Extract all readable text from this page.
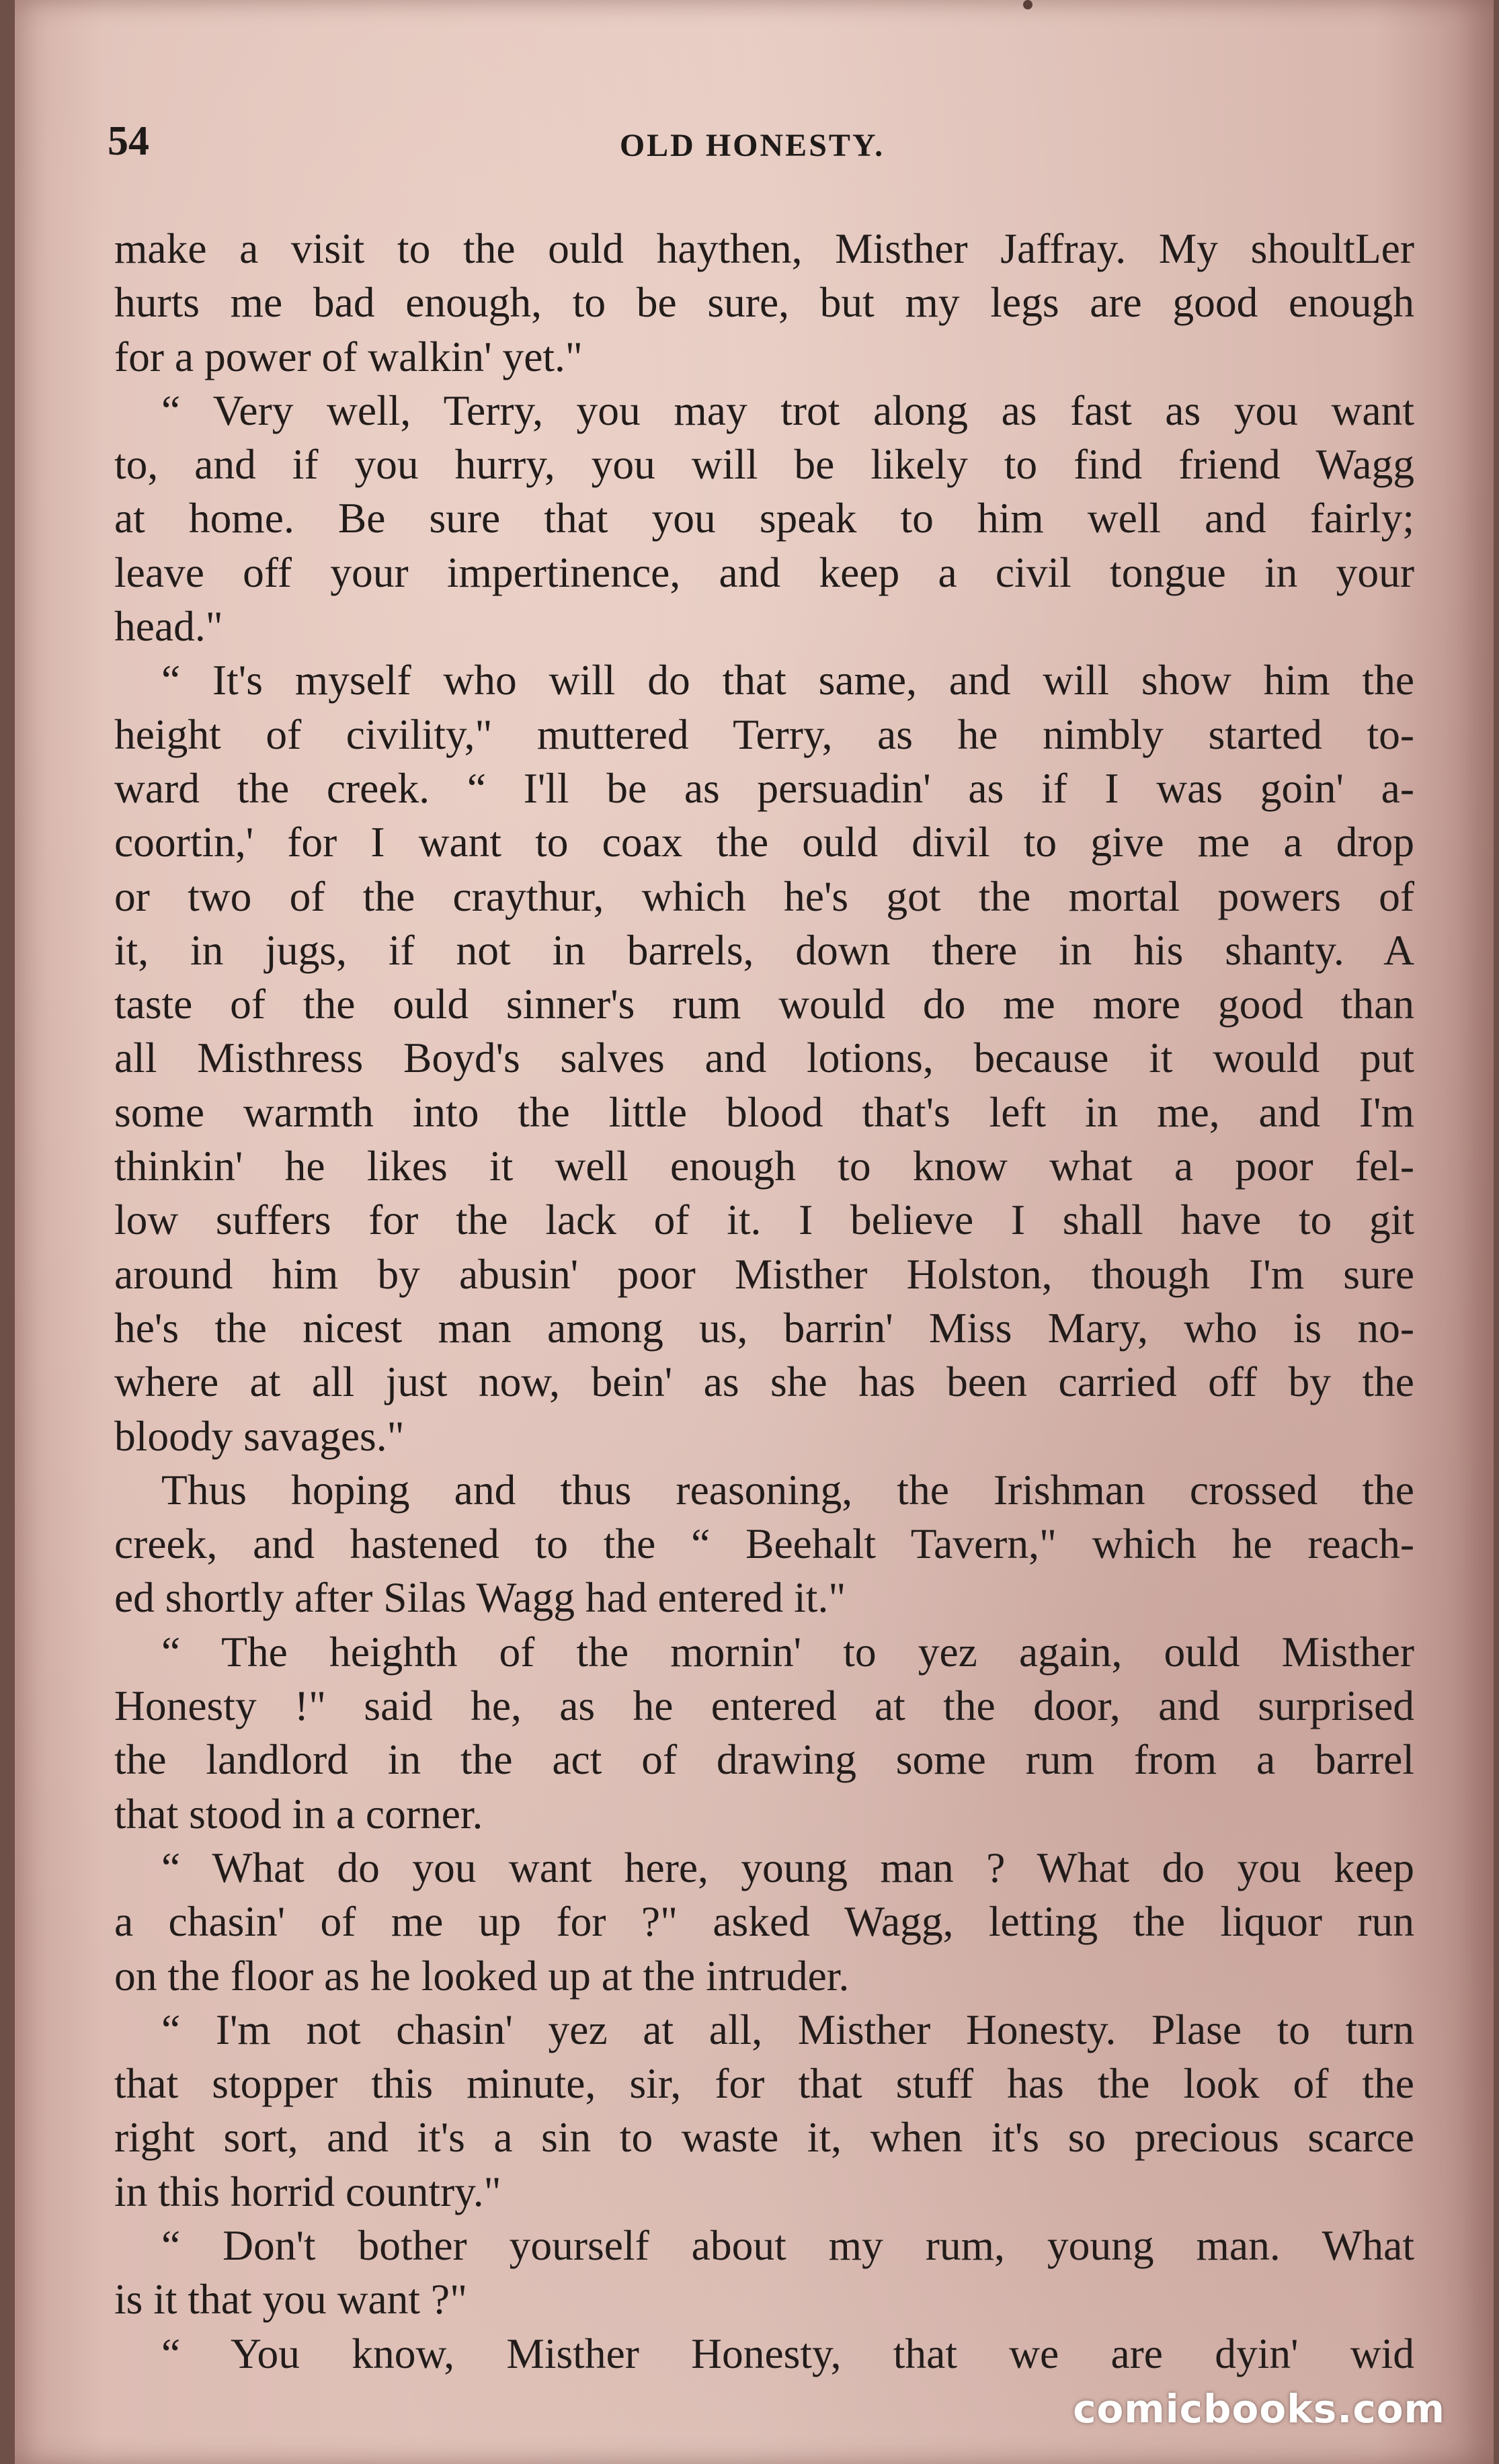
54	OLD HONESTY.
make a visit to the ould haythen, Misther Jaffray. My shoultLer
hurts me bad enough, to be sure, but my legs are good enough
for a power of walkin' yet."
“ Very well, Terry, you may trot along as fast as you want
to, and if you hurry, you will be likely to find friend Wagg
at home. Be sure that you speak to him well and fairly;
leave off your impertinence, and keep a civil tongue in your
head."
“ It's myself who will do that same, and will show him the
height of civility," muttered Terry, as he nimbly started to-
ward the creek. “ I'll be as persuadin' as if I was goin' a-
coortin,' for I want to coax the ould divil to give me a drop
or two of the craythur, which he's got the mortal powers of
it, in jugs, if not in barrels, down there in his shanty. A
taste of the ould sinner's rum would do me more good than
all Misthress Boyd's salves and lotions, because it would put
some warmth into the little blood that's left in me, and I'm
thinkin' he likes it well enough to know what a poor fel-
low suffers for the lack of it. I believe I shall have to git
around him by abusin' poor Misther Holston, though I'm sure
he's the nicest man among us, barrin' Miss Mary, who is no-
where at all just now, bein' as she has been carried off by the
bloody savages."
Thus hoping and thus reasoning, the Irishman crossed the
creek, and hastened to the “ Beehalt Tavern," which he reach-
ed shortly after Silas Wagg had entered it."
“ The heighth of the mornin' to yez again, ould Misther
Honesty !" said he, as he entered at the door, and surprised
the landlord in the act of drawing some rum from a barrel
that stood in a corner.
“ What do you want here, young man ? What do you keep
a chasin' of me up for ?" asked Wagg, letting the liquor run
on the floor as he looked up at the intruder.
“ I'm not chasin' yez at all, Misther Honesty. Plase to turn
that stopper this minute, sir, for that stuff has the look of the
right sort, and it's a sin to waste it, when it's so precious scarce
in this horrid country."
“ Don't bother yourself about my rum, young man. What
is it that you want ?"
“ You know, Misther Honesty, that we are dyin' wid
comicbooks.com
